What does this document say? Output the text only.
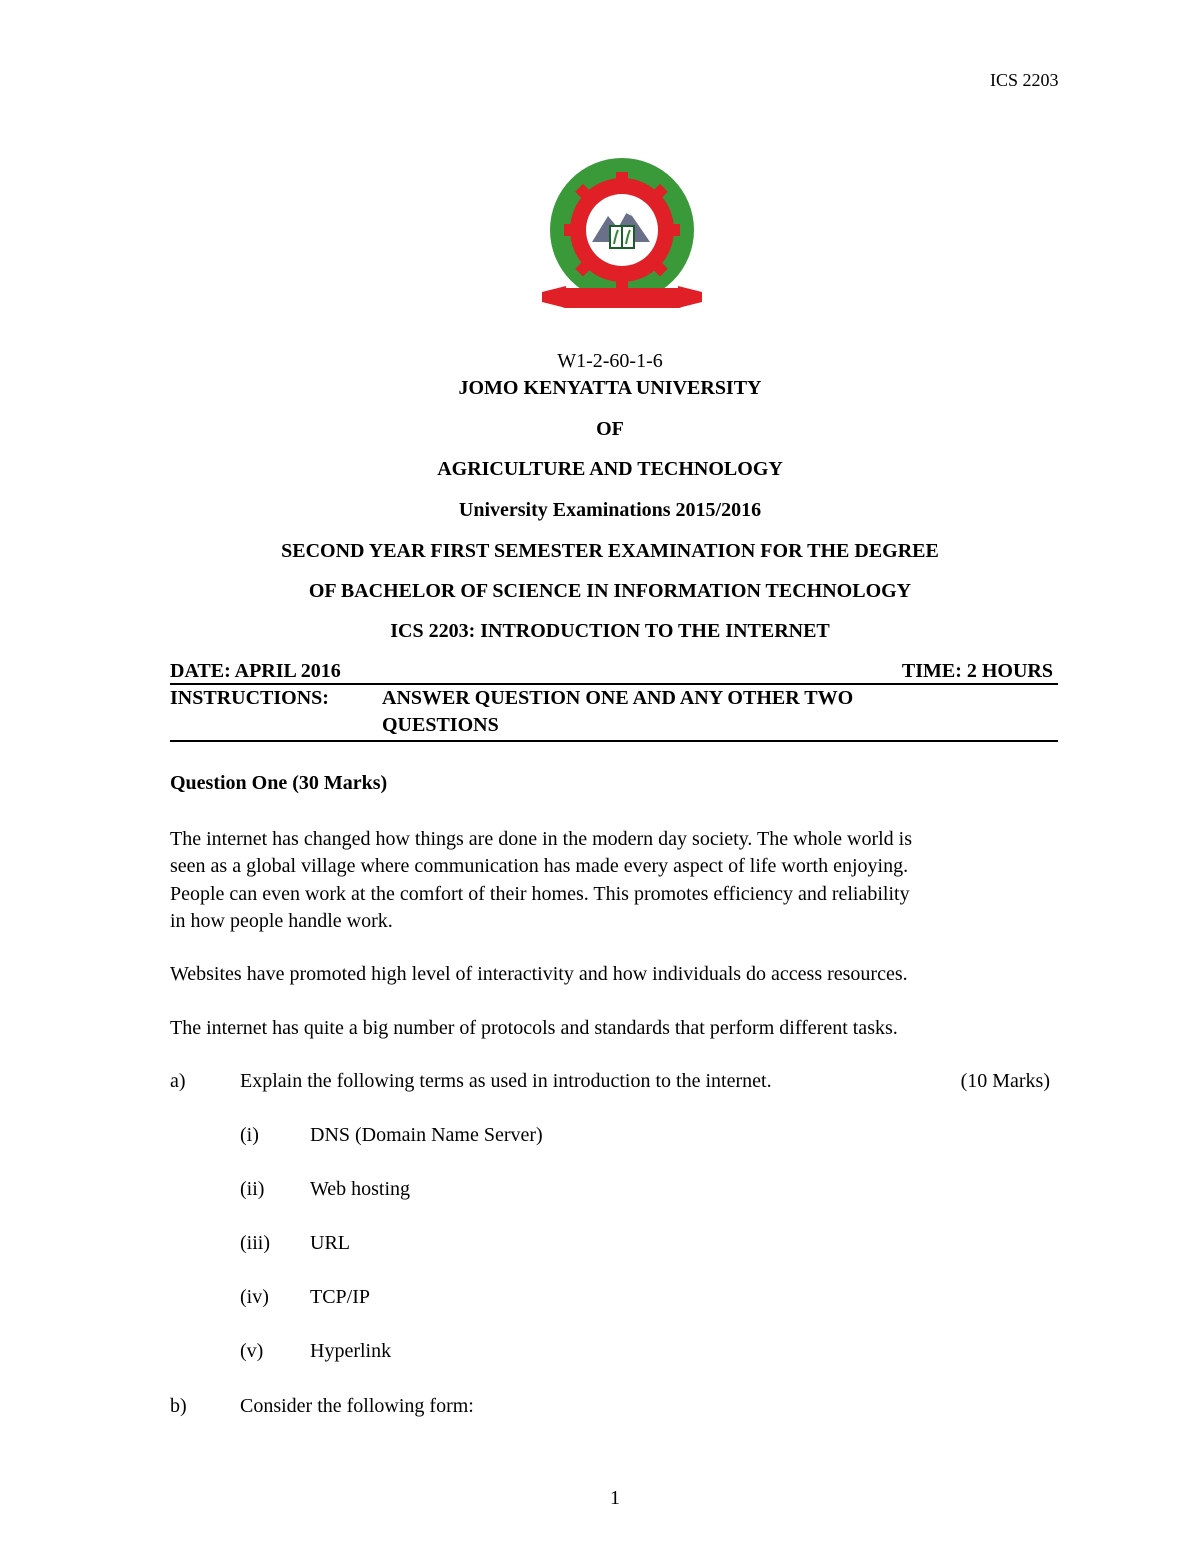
ICS 2203
W1-2-60-1-6
JOMO KENYATTA UNIVERSITY
OF
AGRICULTURE AND TECHNOLOGY
University Examinations 2015/2016
SECOND YEAR FIRST SEMESTER EXAMINATION FOR THE DEGREE
OF BACHELOR OF SCIENCE IN INFORMATION TECHNOLOGY
ICS 2203: INTRODUCTION TO THE INTERNET
DATE: APRIL 2016	TIME: 2 HOURS
INSTRUCTIONS:	ANSWER QUESTION ONE AND ANY OTHER TWO
QUESTIONS
Question One (30 Marks)
The internet has changed how things are done in the modern day society. The whole world is
seen as a global village where communication has made every aspect of life worth enjoying.
People can even work at the comfort of their homes. This promotes efficiency and reliability
in how people handle work.
Websites have promoted high level of interactivity and how individuals do access resources.
The internet has quite a big number of protocols and standards that perform different tasks.
a)	Explain the following terms as used in introduction to the internet.	(10 Marks)
(i)	DNS (Domain Name Server)
(ii) Web hosting
(iii) URL
(iv) TCP/IP
(v) Hyperlink
b)	Consider the following form:
1
